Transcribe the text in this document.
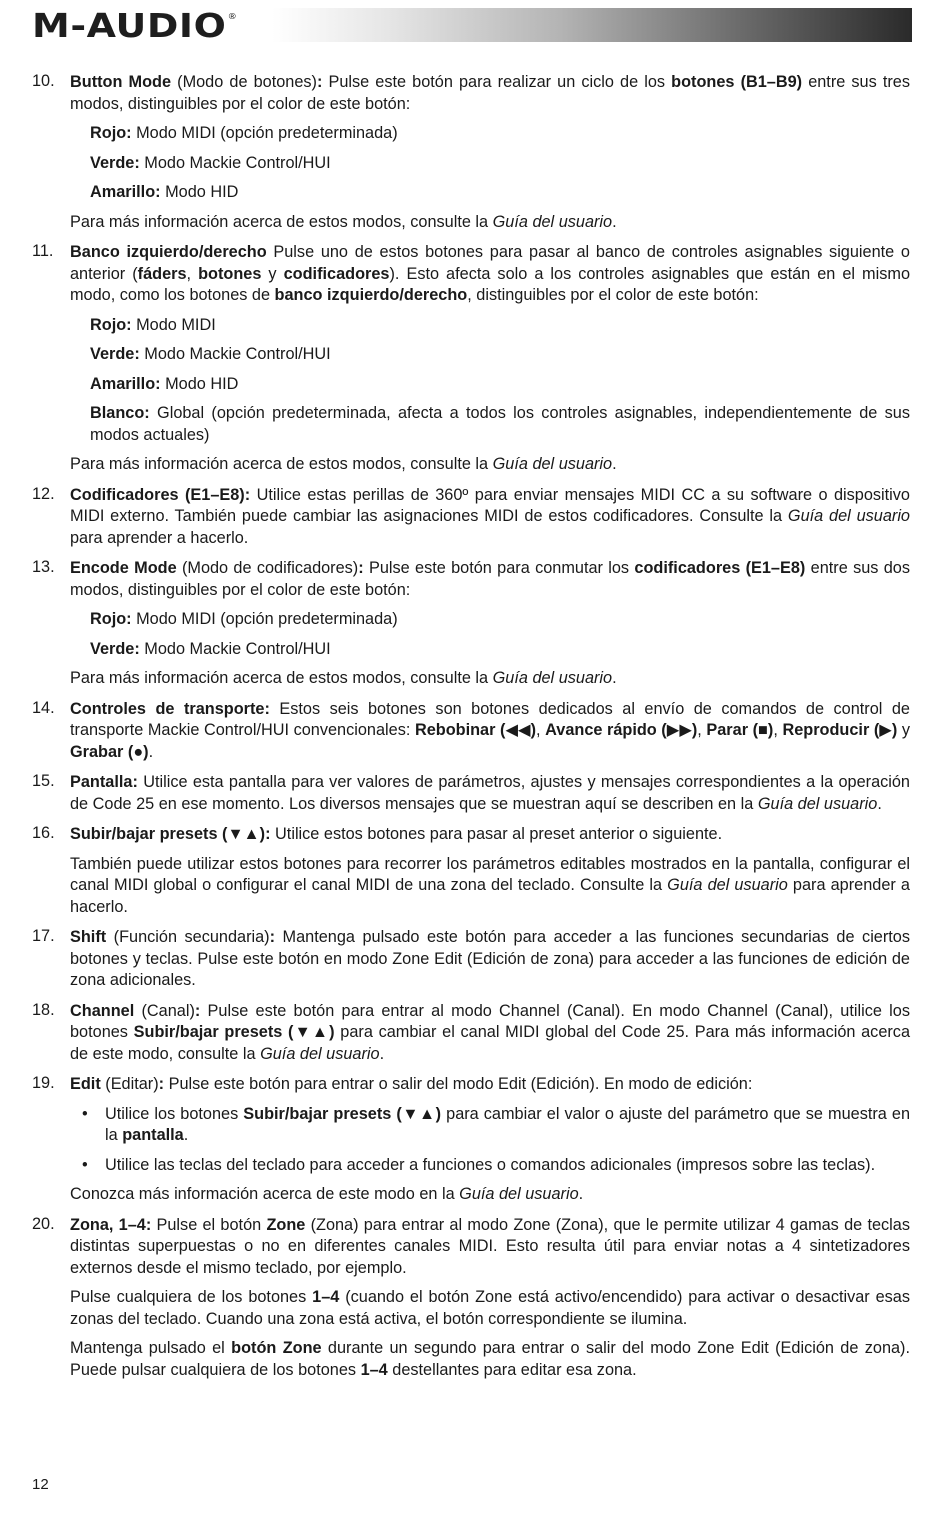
M-AUDIO®
10. Button Mode (Modo de botones): Pulse este botón para realizar un ciclo de los botones (B1–B9) entre sus tres modos, distinguibles por el color de este botón:

Rojo: Modo MIDI (opción predeterminada)

Verde: Modo Mackie Control/HUI

Amarillo: Modo HID

Para más información acerca de estos modos, consulte la Guía del usuario.

11. Banco izquierdo/derecho Pulse uno de estos botones para pasar al banco de controles asignables siguiente o anterior (fáders, botones y codificadores). Esto afecta solo a los controles asignables que están en el mismo modo, como los botones de banco izquierdo/derecho, distinguibles por el color de este botón:

Rojo: Modo MIDI

Verde: Modo Mackie Control/HUI

Amarillo: Modo HID

Blanco: Global (opción predeterminada, afecta a todos los controles asignables, independientemente de sus modos actuales)

Para más información acerca de estos modos, consulte la Guía del usuario.

12. Codificadores (E1–E8): Utilice estas perillas de 360º para enviar mensajes MIDI CC a su software o dispositivo MIDI externo. También puede cambiar las asignaciones MIDI de estos codificadores. Consulte la Guía del usuario para aprender a hacerlo.

13. Encode Mode (Modo de codificadores): Pulse este botón para conmutar los codificadores (E1–E8) entre sus dos modos, distinguibles por el color de este botón:

Rojo: Modo MIDI (opción predeterminada)

Verde: Modo Mackie Control/HUI

Para más información acerca de estos modos, consulte la Guía del usuario.

14. Controles de transporte: Estos seis botones son botones dedicados al envío de comandos de control de transporte Mackie Control/HUI convencionales: Rebobinar (◀◀), Avance rápido (▶▶), Parar (■), Reproducir (▶) y Grabar (●).

15. Pantalla: Utilice esta pantalla para ver valores de parámetros, ajustes y mensajes correspondientes a la operación de Code 25 en ese momento. Los diversos mensajes que se muestran aquí se describen en la Guía del usuario.

16. Subir/bajar presets (▼▲): Utilice estos botones para pasar al preset anterior o siguiente.

También puede utilizar estos botones para recorrer los parámetros editables mostrados en la pantalla, configurar el canal MIDI global o configurar el canal MIDI de una zona del teclado. Consulte la Guía del usuario para aprender a hacerlo.

17. Shift (Función secundaria): Mantenga pulsado este botón para acceder a las funciones secundarias de ciertos botones y teclas. Pulse este botón en modo Zone Edit (Edición de zona) para acceder a las funciones de edición de zona adicionales.

18. Channel (Canal): Pulse este botón para entrar al modo Channel (Canal). En modo Channel (Canal), utilice los botones Subir/bajar presets (▼▲) para cambiar el canal MIDI global del Code 25. Para más información acerca de este modo, consulte la Guía del usuario.

19. Edit (Editar): Pulse este botón para entrar o salir del modo Edit (Edición). En modo de edición:

• Utilice los botones Subir/bajar presets (▼▲) para cambiar el valor o ajuste del parámetro que se muestra en la pantalla.
• Utilice las teclas del teclado para acceder a funciones o comandos adicionales (impresos sobre las teclas).

Conozca más información acerca de este modo en la Guía del usuario.

20. Zona, 1–4: Pulse el botón Zone (Zona) para entrar al modo Zone (Zona), que le permite utilizar 4 gamas de teclas distintas superpuestas o no en diferentes canales MIDI. Esto resulta útil para enviar notas a 4 sintetizadores externos desde el mismo teclado, por ejemplo.

Pulse cualquiera de los botones 1–4 (cuando el botón Zone está activo/encendido) para activar o desactivar esas zonas del teclado. Cuando una zona está activa, el botón correspondiente se ilumina.

Mantenga pulsado el botón Zone durante un segundo para entrar o salir del modo Zone Edit (Edición de zona). Puede pulsar cualquiera de los botones 1–4 destellantes para editar esa zona.

12
